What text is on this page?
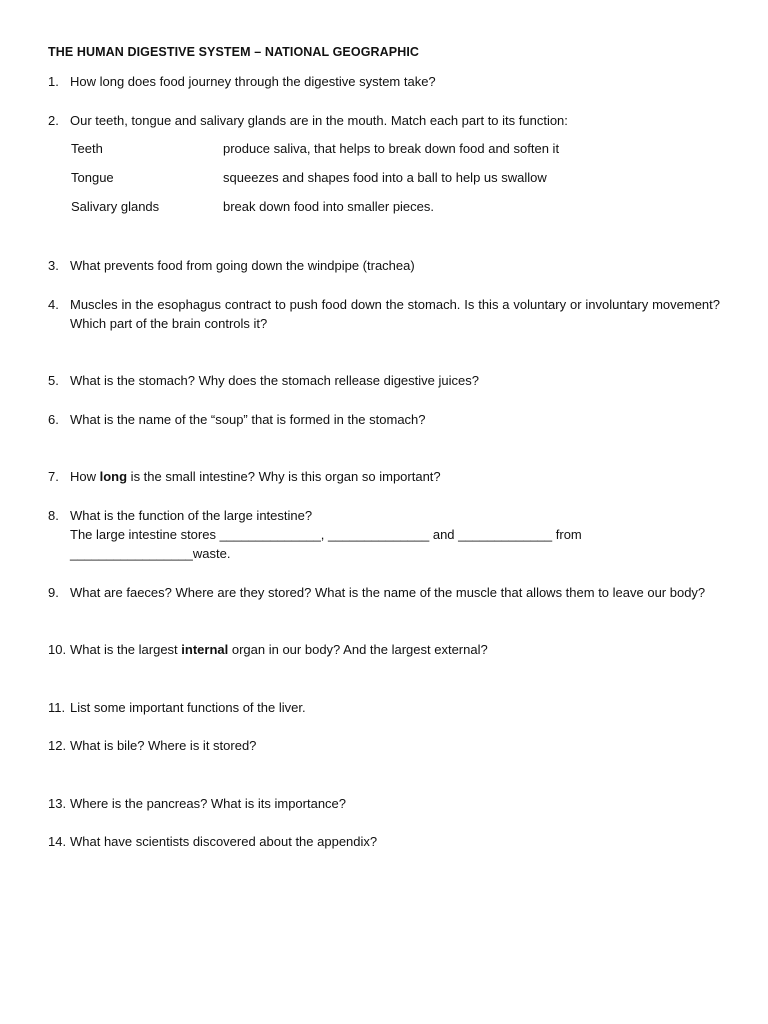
THE HUMAN DIGESTIVE SYSTEM – NATIONAL GEOGRAPHIC
1. How long does food journey through the digestive system take?
2. Our teeth, tongue and salivary glands are in the mouth. Match each part to its function:
Teeth	produce saliva, that helps to break down food and soften it
Tongue	squeezes and shapes food into a ball to help us swallow
Salivary glands	break down food into smaller pieces.
3. What prevents food from going down the windpipe (trachea)
4. Muscles in the esophagus contract to push food down the stomach. Is this a voluntary or involuntary movement? Which part of the brain controls it?
5. What is the stomach? Why does the stomach rellease digestive juices?
6. What is the name of the “soup” that is formed in the stomach?
7. How long is the small intestine? Why is this organ so important?
8. What is the function of the large intestine?
The large intestine stores ______________, ______________ and _____________ from
_________________waste.
9. What are faeces? Where are they stored? What is the name of the muscle that allows them to leave our body?
10. What is the largest internal organ in our body? And the largest external?
11. List some important functions of the liver.
12. What is bile? Where is it stored?
13. Where is the pancreas? What is its importance?
14. What have scientists discovered about the appendix?
